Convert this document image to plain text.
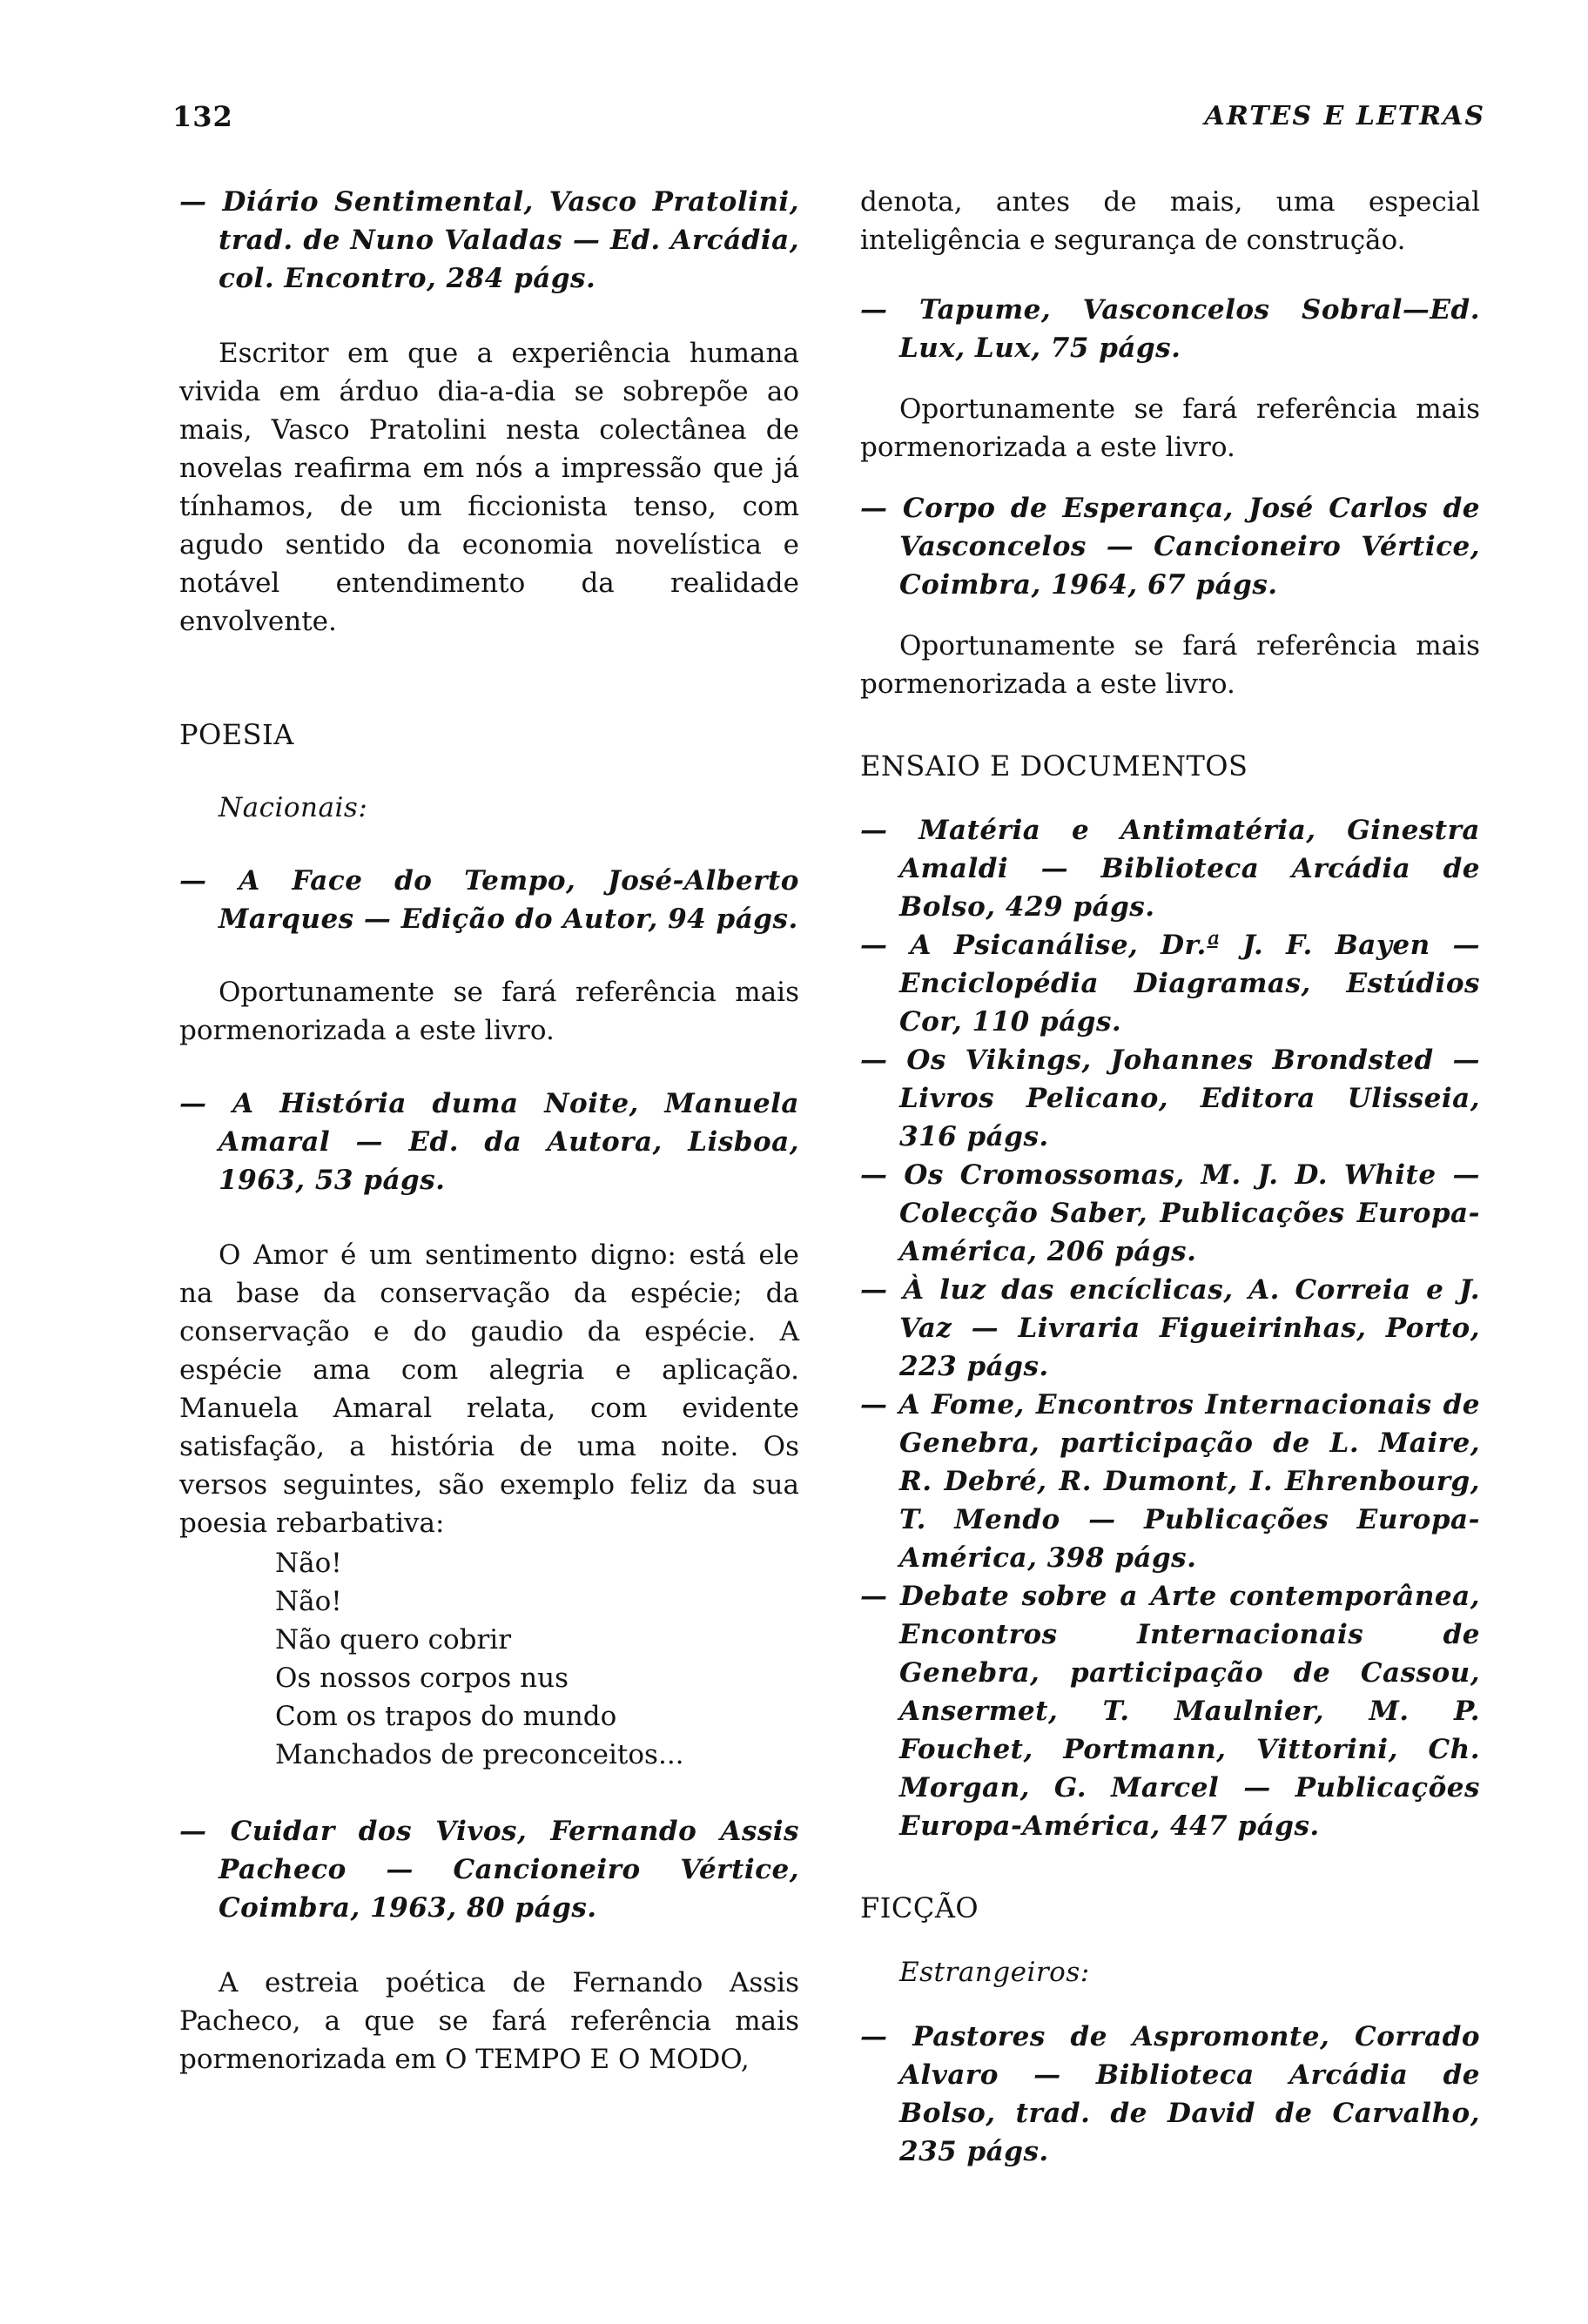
132	ARTES E LETRAS

— Diário Sentimental, Vasco Pratolini, trad. de Nuno Valadas — Ed. Arcádia, col. Encontro, 284 págs.

Escritor em que a experiência humana vivida em árduo dia-a-dia se sobrepõe ao mais, Vasco Pratolini nesta colectânea de novelas reafirma em nós a impressão que já tínhamos, de um ficcionista tenso, com agudo sentido da economia novelística e notável entendimento da realidade envolvente.

POESIA

Nacionais:

— A Face do Tempo, José-Alberto Marques — Edição do Autor, 94 págs.

Oportunamente se fará referência mais pormenorizada a este livro.

— A História duma Noite, Manuela Amaral — Ed. da Autora, Lisboa, 1963, 53 págs.

O Amor é um sentimento digno: está ele na base da conservação da espécie; da conservação e do gaudio da espécie. A espécie ama com alegria e aplicação. Manuela Amaral relata, com evidente satisfação, a história de uma noite. Os versos seguintes, são exemplo feliz da sua poesia rebarbativa:

Não!
Não!
Não quero cobrir
Os nossos corpos nus
Com os trapos do mundo
Manchados de preconceitos...

— Cuidar dos Vivos, Fernando Assis Pacheco — Cancioneiro Vértice, Coimbra, 1963, 80 págs.

A estreia poética de Fernando Assis Pacheco, a que se fará referência mais pormenorizada em O TEMPO E O MODO,

denota, antes de mais, uma especial inteligência e segurança de construção.

— Tapume, Vasconcelos Sobral—Ed. Lux, Lux, 75 págs.

Oportunamente se fará referência mais pormenorizada a este livro.

— Corpo de Esperança, José Carlos de Vasconcelos — Cancioneiro Vértice, Coimbra, 1964, 67 págs.

Oportunamente se fará referência mais pormenorizada a este livro.

ENSAIO E DOCUMENTOS

— Matéria e Antimatéria, Ginestra Amaldi — Biblioteca Arcádia de Bolso, 429 págs.

— A Psicanálise, Dr.ª J. F. Bayen — Enciclopédia Diagramas, Estúdios Cor, 110 págs.

— Os Vikings, Johannes Brondsted — Livros Pelicano, Editora Ulisseia, 316 págs.

— Os Cromossomas, M. J. D. White — Colecção Saber, Publicações Europa-América, 206 págs.

— À luz das encíclicas, A. Correia e J. Vaz — Livraria Figueirinhas, Porto, 223 págs.

— A Fome, Encontros Internacionais de Genebra, participação de L. Maire, R. Debré, R. Dumont, I. Ehrenbourg, T. Mendo — Publicações Europa-América, 398 págs.

— Debate sobre a Arte contemporânea, Encontros Internacionais de Genebra, participação de Cassou, Ansermet, T. Maulnier, M. P. Fouchet, Portmann, Vittorini, Ch. Morgan, G. Marcel — Publicações Europa-América, 447 págs.

FICÇÃO

Estrangeiros:

— Pastores de Aspromonte, Corrado Alvaro — Biblioteca Arcádia de Bolso, trad. de David de Carvalho, 235 págs.
